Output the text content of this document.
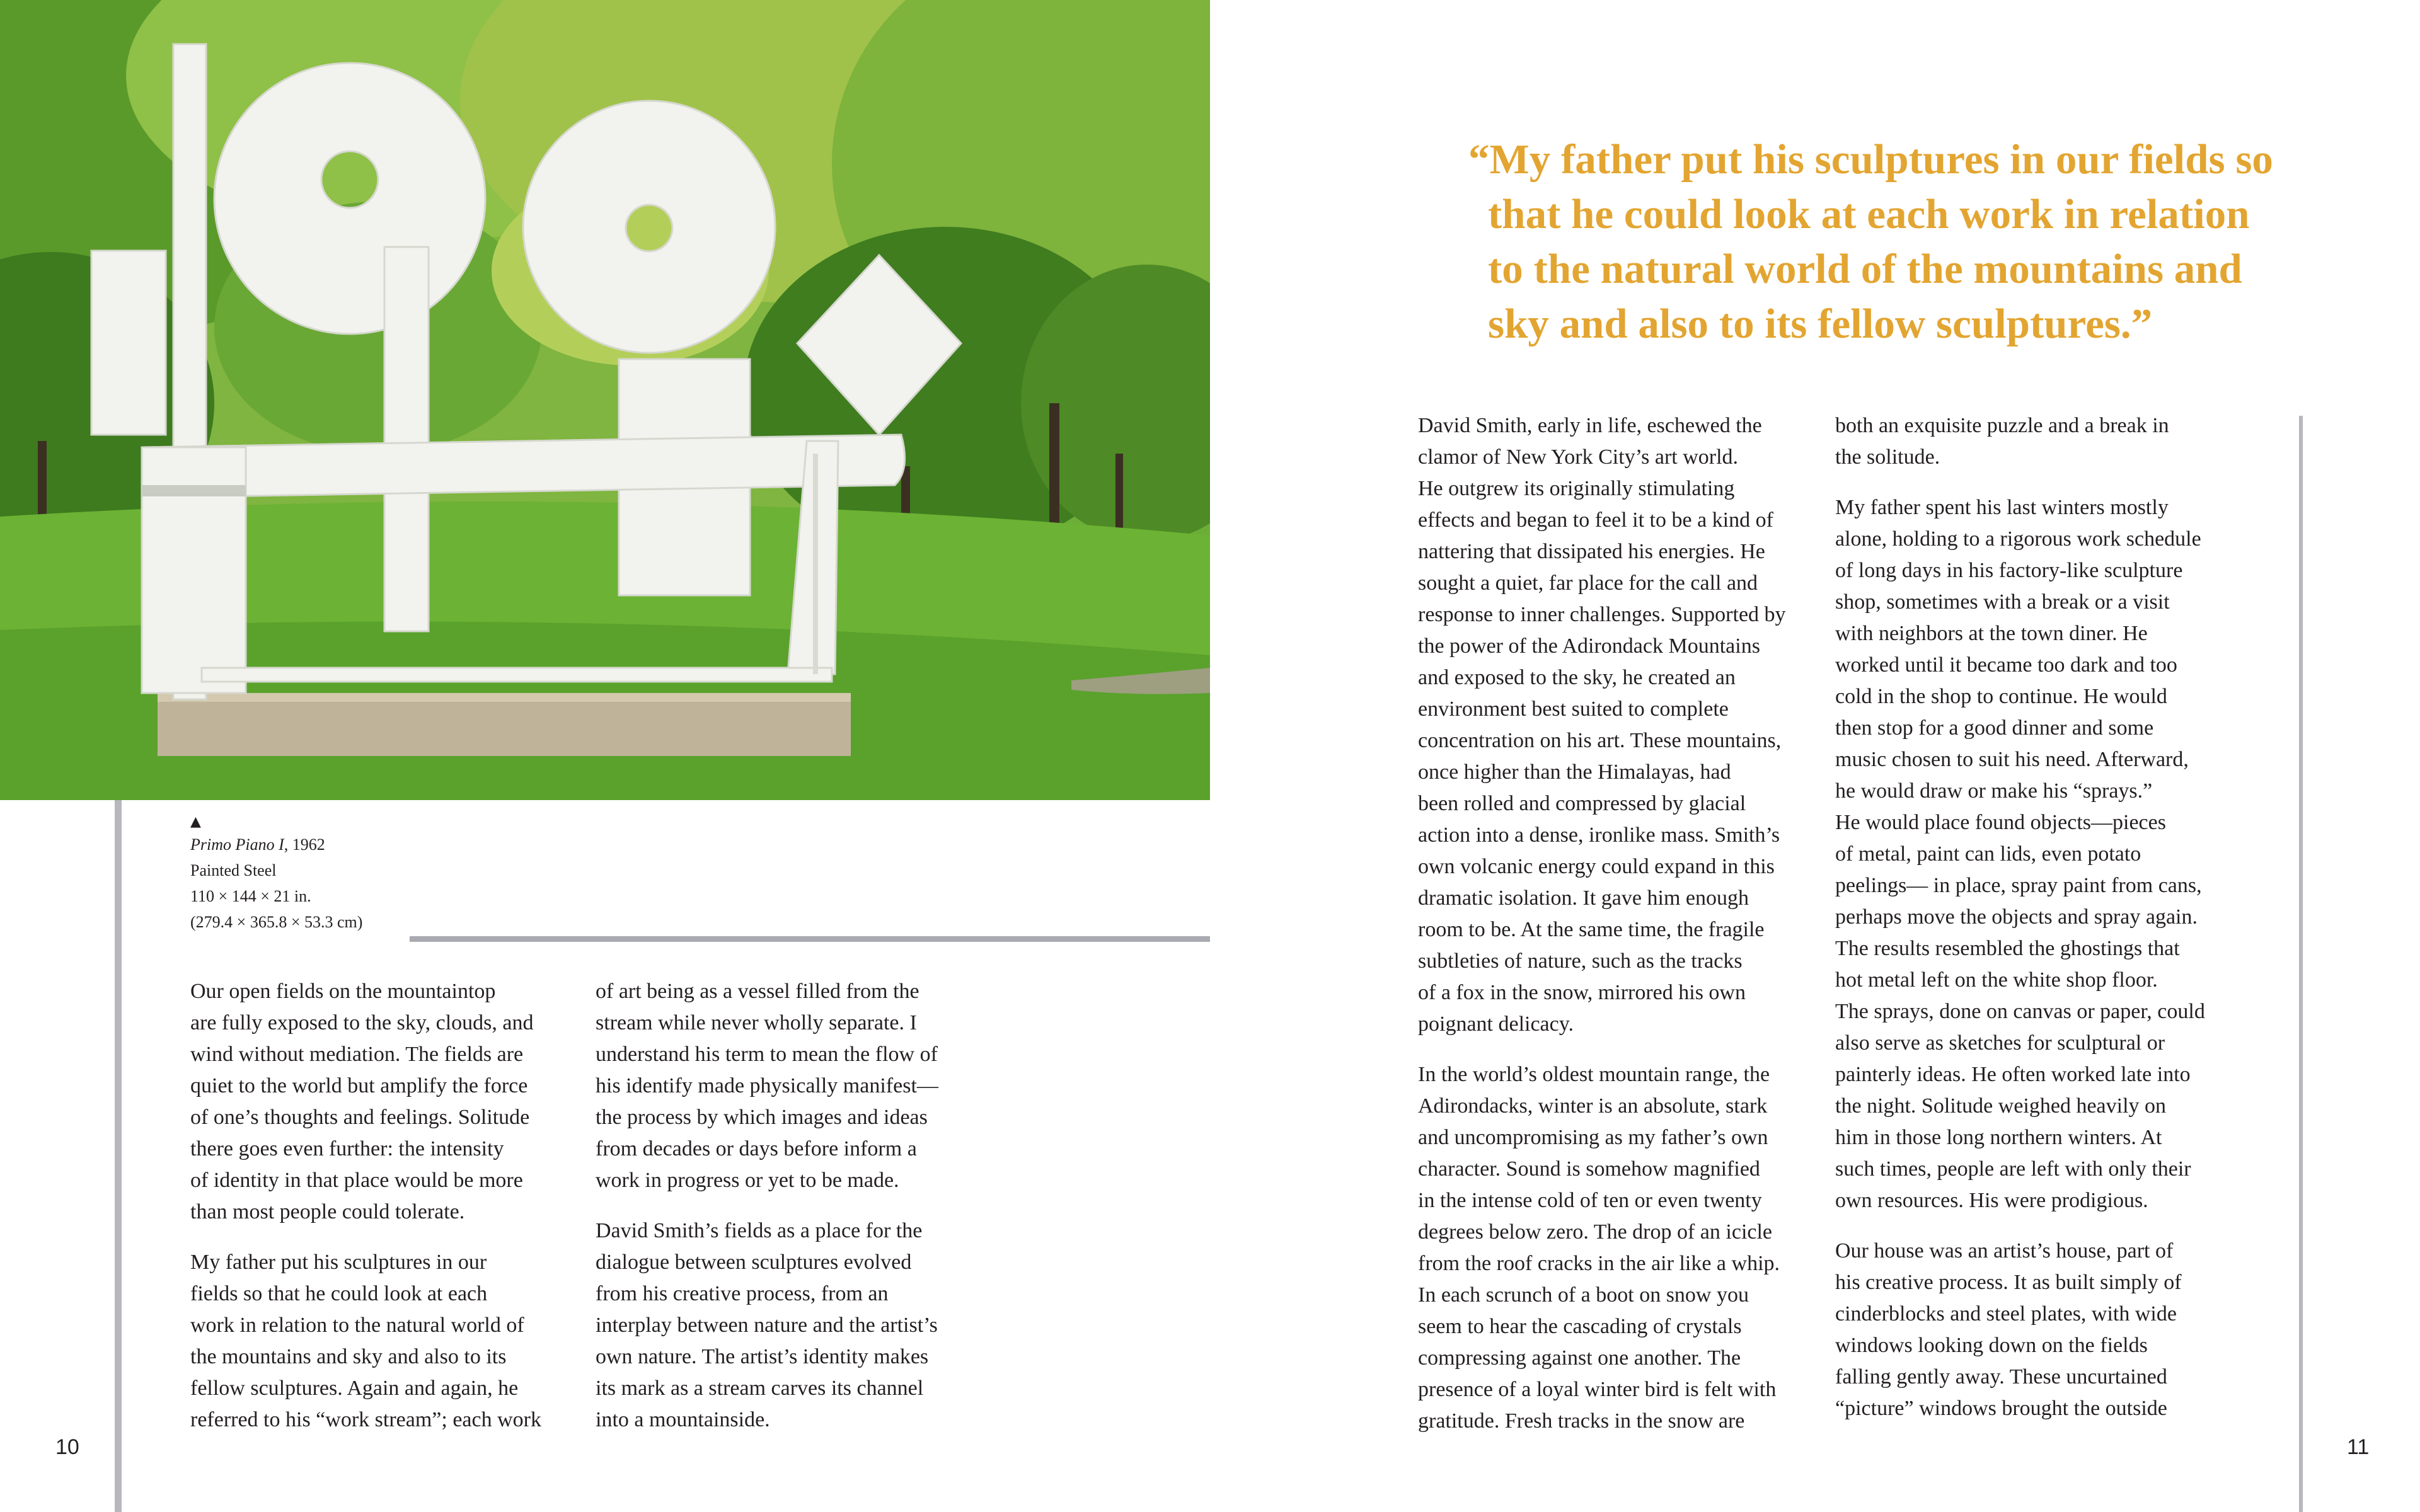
▲
Primo Piano I, 1962
Painted Steel
110 × 144 × 21 in.
(279.4 × 365.8 × 53.3 cm)

Our open fields on the mountaintop
are fully exposed to the sky, clouds, and
wind without mediation. The fields are
quiet to the world but amplify the force
of one’s thoughts and feelings. Solitude
there goes even further: the intensity
of identity in that place would be more
than most people could tolerate.

My father put his sculptures in our
fields so that he could look at each
work in relation to the natural world of
the mountains and sky and also to its
fellow sculptures. Again and again, he
referred to his “work stream”; each work

of art being as a vessel filled from the
stream while never wholly separate. I
understand his term to mean the flow of
his identify made physically manifest—
the process by which images and ideas
from decades or days before inform a
work in progress or yet to be made.

David Smith’s fields as a place for the
dialogue between sculptures evolved
from his creative process, from an
interplay between nature and the artist’s
own nature. The artist’s identity makes
its mark as a stream carves its channel
into a mountainside.

“My father put his sculptures in our fields so
that he could look at each work in relation
to the natural world of the mountains and
sky and also to its fellow sculptures.”

David Smith, early in life, eschewed the
clamor of New York City’s art world.
He outgrew its originally stimulating
effects and began to feel it to be a kind of
nattering that dissipated his energies. He
sought a quiet, far place for the call and
response to inner challenges. Supported by
the power of the Adirondack Mountains
and exposed to the sky, he created an
environment best suited to complete
concentration on his art. These mountains,
once higher than the Himalayas, had
been rolled and compressed by glacial
action into a dense, ironlike mass. Smith’s
own volcanic energy could expand in this
dramatic isolation. It gave him enough
room to be. At the same time, the fragile
subtleties of nature, such as the tracks
of a fox in the snow, mirrored his own
poignant delicacy.

In the world’s oldest mountain range, the
Adirondacks, winter is an absolute, stark
and uncompromising as my father’s own
character. Sound is somehow magnified
in the intense cold of ten or even twenty
degrees below zero. The drop of an icicle
from the roof cracks in the air like a whip.
In each scrunch of a boot on snow you
seem to hear the cascading of crystals
compressing against one another. The
presence of a loyal winter bird is felt with
gratitude. Fresh tracks in the snow are

both an exquisite puzzle and a break in
the solitude.

My father spent his last winters mostly
alone, holding to a rigorous work schedule
of long days in his factory-like sculpture
shop, sometimes with a break or a visit
with neighbors at the town diner. He
worked until it became too dark and too
cold in the shop to continue. He would
then stop for a good dinner and some
music chosen to suit his need. Afterward,
he would draw or make his “sprays.”
He would place found objects—pieces
of metal, paint can lids, even potato
peelings— in place, spray paint from cans,
perhaps move the objects and spray again.
The results resembled the ghostings that
hot metal left on the white shop floor.
The sprays, done on canvas or paper, could
also serve as sketches for sculptural or
painterly ideas. He often worked late into
the night. Solitude weighed heavily on
him in those long northern winters. At
such times, people are left with only their
own resources. His were prodigious.

Our house was an artist’s house, part of
his creative process. It as built simply of
cinderblocks and steel plates, with wide
windows looking down on the fields
falling gently away. These uncurtained
“picture” windows brought the outside

10	11
